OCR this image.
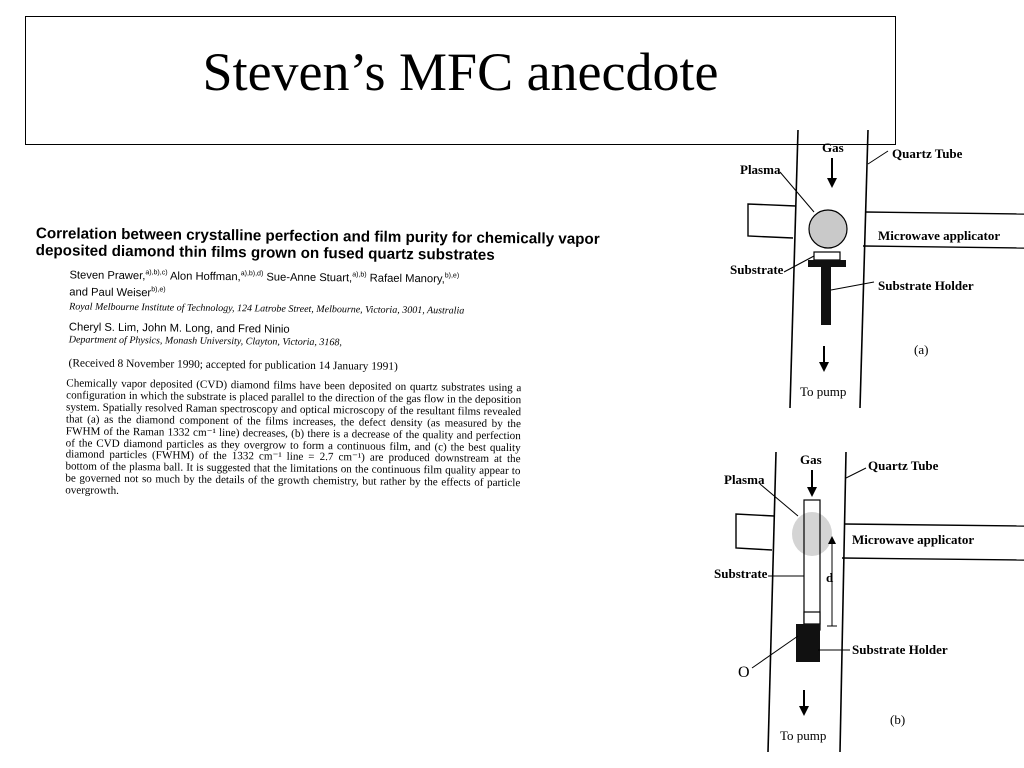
Steven’s MFC anecdote
Correlation between crystalline perfection and film purity for chemically vapor deposited diamond thin films grown on fused quartz substrates
Steven Prawer,$^{a),b),c)}$ Alon Hoffman,$^{a),b),d)}$ Sue-Anne Stuart,$^{a),b)}$ Rafael Manory,$^{b),e)}$
and Paul Weiser$^{b),e)}$
Royal Melbourne Institute of Technology, 124 Latrobe Street, Melbourne, Victoria, 3001, Australia
Cheryl S. Lim, John M. Long, and Fred Ninio
Department of Physics, Monash University, Clayton, Victoria, 3168,
(Received 8 November 1990; accepted for publication 14 January 1991)
Chemically vapor deposited (CVD) diamond films have been deposited on quartz substrates using a configuration in which the substrate is placed parallel to the direction of the gas flow in the deposition system. Spatially resolved Raman spectroscopy and optical microscopy of the resultant films revealed that (a) as the diamond component of the films increases, the defect density (as measured by the FWHM of the Raman 1332 cm⁻¹ line) decreases, (b) there is a decrease of the quality and perfection of the CVD diamond particles as they overgrow to form a continuous film, and (c) the best quality diamond particles (FWHM) of the 1332 cm⁻¹ line = 2.7 cm⁻¹) are produced downstream at the bottom of the plasma ball. It is suggested that the limitations on the continuous film quality appear to be governed not so much by the details of the growth chemistry, but rather by the effects of particle overgrowth.
Gas	Quartz Tube
Plasma
Microwave applicator
Substrate
Substrate Holder
(a)
To pump
Gas	Quartz Tube
Plasma
Microwave applicator
Substrate	d
Substrate Holder
O
(b)
To pump
